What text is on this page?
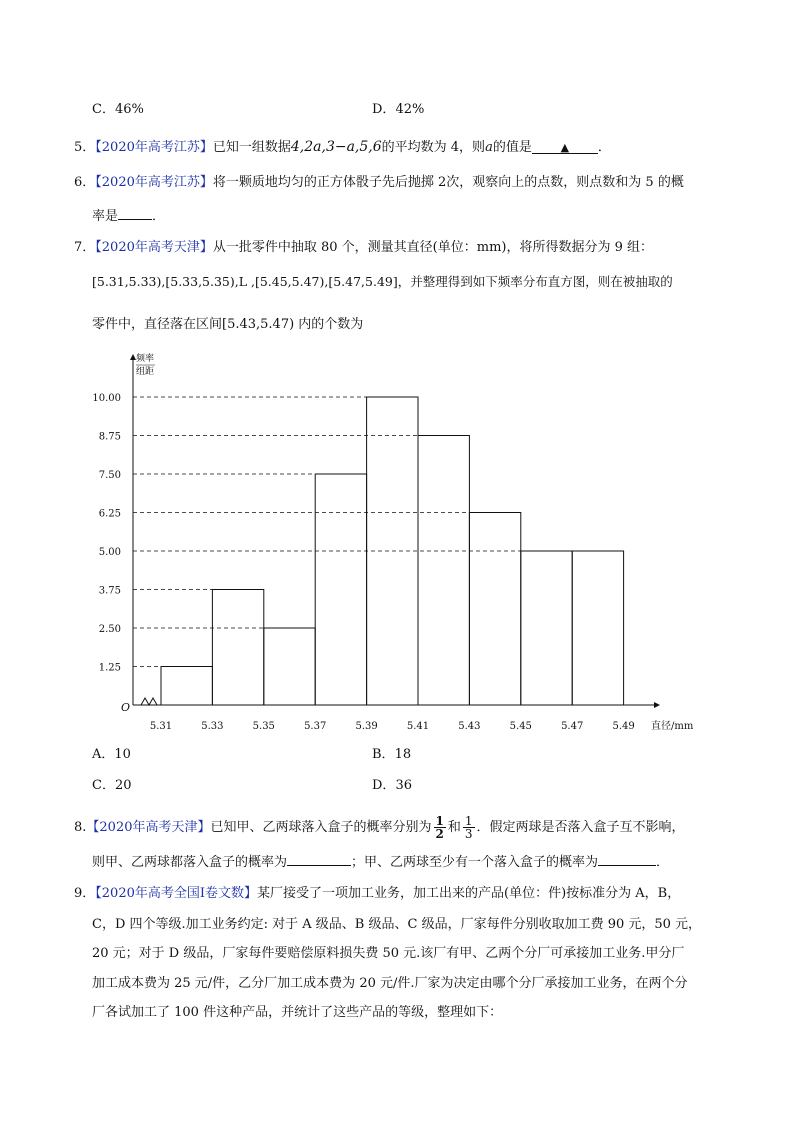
C．46%	D．42%
5．【2020年高考江苏】已知一组数据4,2a,3−a,5,6的平均数为 4，则a的值是	▲ ．
6．【2020年高考江苏】将一颗质地均匀的正方体骰子先后抛掷 2次，观察向上的点数，则点数和为 5 的概
率是	．
7．【2020年高考天津】从一批零件中抽取 80 个，测量其直径(单位：mm)，将所得数据分为 9 组：
[5.31,5.33),[5.33,5.35),L ,[5.45,5.47),[5.47,5.49]，并整理得到如下频率分布直方图，则在被抽取的
零件中，直径落在区间[5.43,5.47) 内的个数为
1.25
2.50
3.75
5.00
6.25
7.50
8.75
10.00
5.31	5.33	5.35	5.37	5.39	5.41	5.43	5.45	5.47	5.49
频率
组距
O
直径/mm
A．10	B．18
C．20	D．36
8.【2020年高考天津】已知甲、乙两球落入盒子的概率分别为 $\frac{1}{2}$ 和 $\frac{1}{3}$ ．假定两球是否落入盒子互不影响，
则甲、乙两球都落入盒子的概率为	；甲、乙两球至少有一个落入盒子的概率为	．
9．【2020年高考全国Ⅰ卷文数】某厂接受了一项加工业务，加工出来的产品(单位：件)按标准分为 A，B，
C，D 四个等级.加工业务约定: 对于 A 级品、B 级品、C 级品，厂家每件分别收取加工费 90 元，50 元，
20 元；对于 D 级品，厂家每件要赔偿原料损失费 50 元.该厂有甲、乙两个分厂可承接加工业务.甲分厂
加工成本费为 25 元/件，乙分厂加工成本费为 20 元/件.厂家为决定由哪个分厂承接加工业务，在两个分
厂各试加工了 100 件这种产品，并统计了这些产品的等级，整理如下：
